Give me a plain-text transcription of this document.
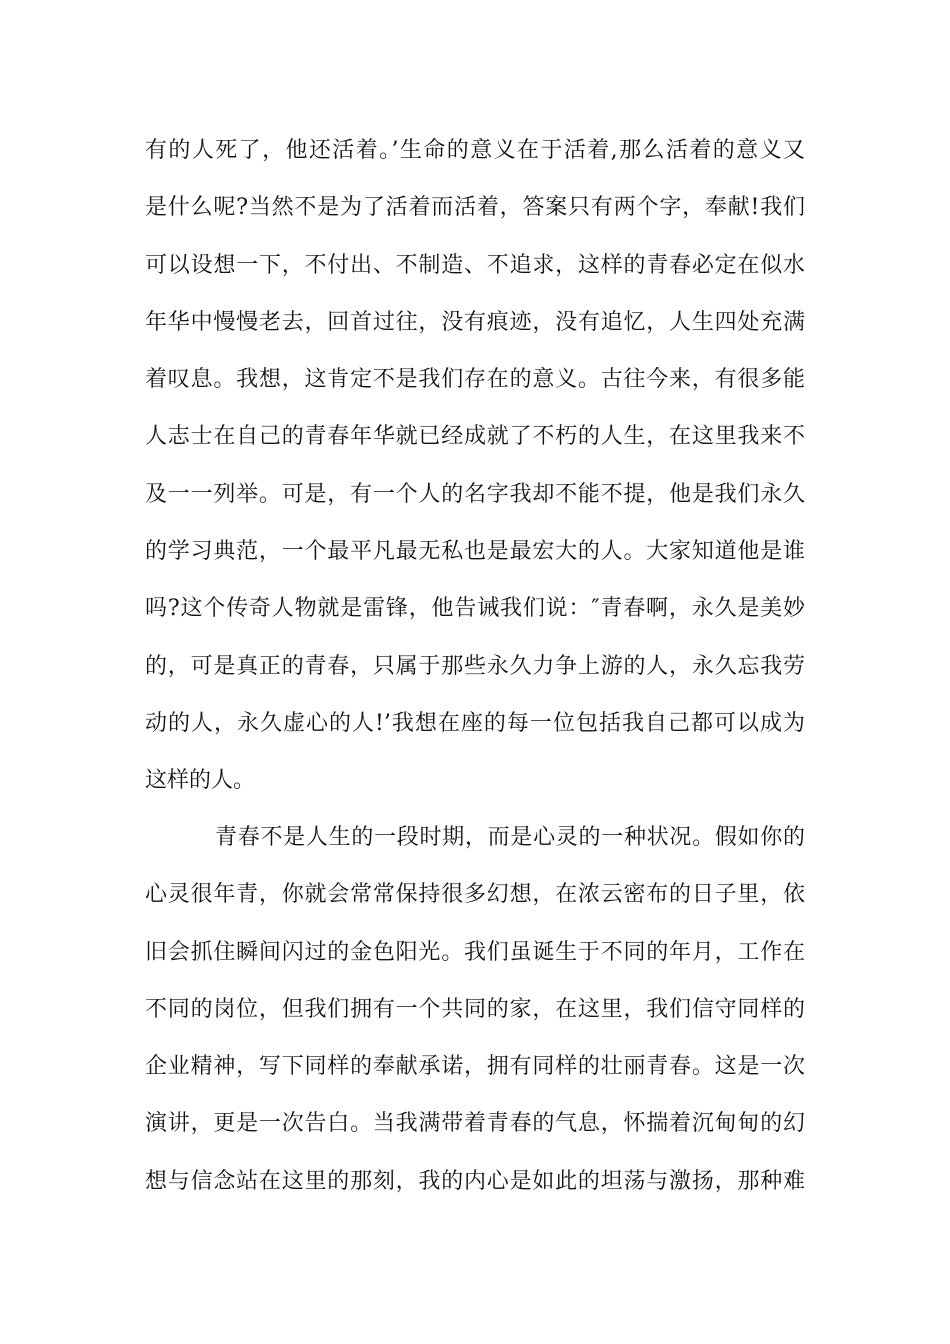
有的人死了，他还活着。’生命的意义在于活着,那么活着的意义又
是什么呢?当然不是为了活着而活着，答案只有两个字，奉献!我们
可以设想一下，不付出、不制造、不追求，这样的青春必定在似水
年华中慢慢老去，回首过往，没有痕迹，没有追忆，人生四处充满
着叹息。我想，这肯定不是我们存在的意义。古往今来，有很多能
人志士在自己的青春年华就已经成就了不朽的人生，在这里我来不
及一一列举。可是，有一个人的名字我却不能不提，他是我们永久
的学习典范，一个最平凡最无私也是最宏大的人。大家知道他是谁
吗?这个传奇人物就是雷锋，他告诫我们说：″青春啊，永久是美妙
的，可是真正的青春，只属于那些永久力争上游的人，永久忘我劳
动的人，永久虚心的人!’我想在座的每一位包括我自己都可以成为
这样的人。
青春不是人生的一段时期，而是心灵的一种状况。假如你的
心灵很年青，你就会常常保持很多幻想，在浓云密布的日子里，依
旧会抓住瞬间闪过的金色阳光。我们虽诞生于不同的年月，工作在
不同的岗位，但我们拥有一个共同的家，在这里，我们信守同样的
企业精神，写下同样的奉献承诺，拥有同样的壮丽青春。这是一次
演讲，更是一次告白。当我满带着青春的气息，怀揣着沉甸甸的幻
想与信念站在这里的那刻，我的内心是如此的坦荡与激扬，那种难
